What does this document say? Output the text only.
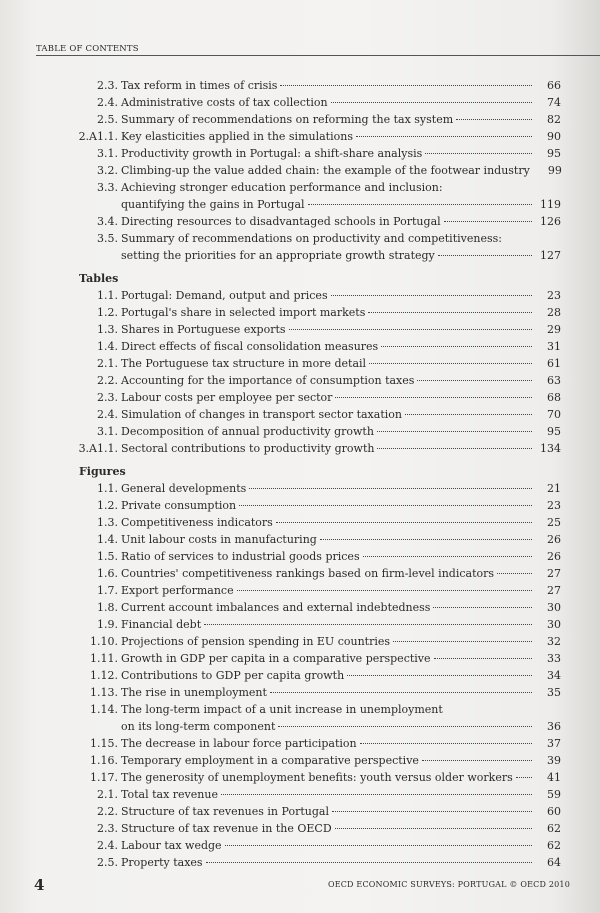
TABLE OF CONTENTS
2.3. Tax reform in times of crisis	66
2.4. Administrative costs of tax collection	74
2.5. Summary of recommendations on reforming the tax system	82
2.A1.1. Key elasticities applied in the simulations	90
3.1. Productivity growth in Portugal: a shift-share analysis	95
3.2. Climbing-up the value added chain: the example of the footwear industry	99
3.3. Achieving stronger education performance and inclusion:
quantifying the gains in Portugal	119
3.4. Directing resources to disadvantaged schools in Portugal	126
3.5. Summary of recommendations on productivity and competitiveness:
setting the priorities for an appropriate growth strategy	127
Tables
1.1. Portugal: Demand, output and prices	23
1.2. Portugal's share in selected import markets	28
1.3. Shares in Portuguese exports	29
1.4. Direct effects of fiscal consolidation measures	31
2.1. The Portuguese tax structure in more detail	61
2.2. Accounting for the importance of consumption taxes	63
2.3. Labour costs per employee per sector	68
2.4. Simulation of changes in transport sector taxation	70
3.1. Decomposition of annual productivity growth	95
3.A1.1. Sectoral contributions to productivity growth	134
Figures
1.1. General developments	21
1.2. Private consumption	23
1.3. Competitiveness indicators	25
1.4. Unit labour costs in manufacturing	26
1.5. Ratio of services to industrial goods prices	26
1.6. Countries' competitiveness rankings based on firm-level indicators	27
1.7. Export performance	27
1.8. Current account imbalances and external indebtedness	30
1.9. Financial debt	30
1.10. Projections of pension spending in EU countries	32
1.11. Growth in GDP per capita in a comparative perspective	33
1.12. Contributions to GDP per capita growth	34
1.13. The rise in unemployment	35
1.14. The long-term impact of a unit increase in unemployment
on its long-term component	36
1.15. The decrease in labour force participation	37
1.16. Temporary employment in a comparative perspective	39
1.17. The generosity of unemployment benefits: youth versus older workers	41
2.1. Total tax revenue	59
2.2. Structure of tax revenues in Portugal	60
2.3. Structure of tax revenue in the OECD	62
2.4. Labour tax wedge	62
2.5. Property taxes	64
4	OECD ECONOMIC SURVEYS: PORTUGAL © OECD 2010
